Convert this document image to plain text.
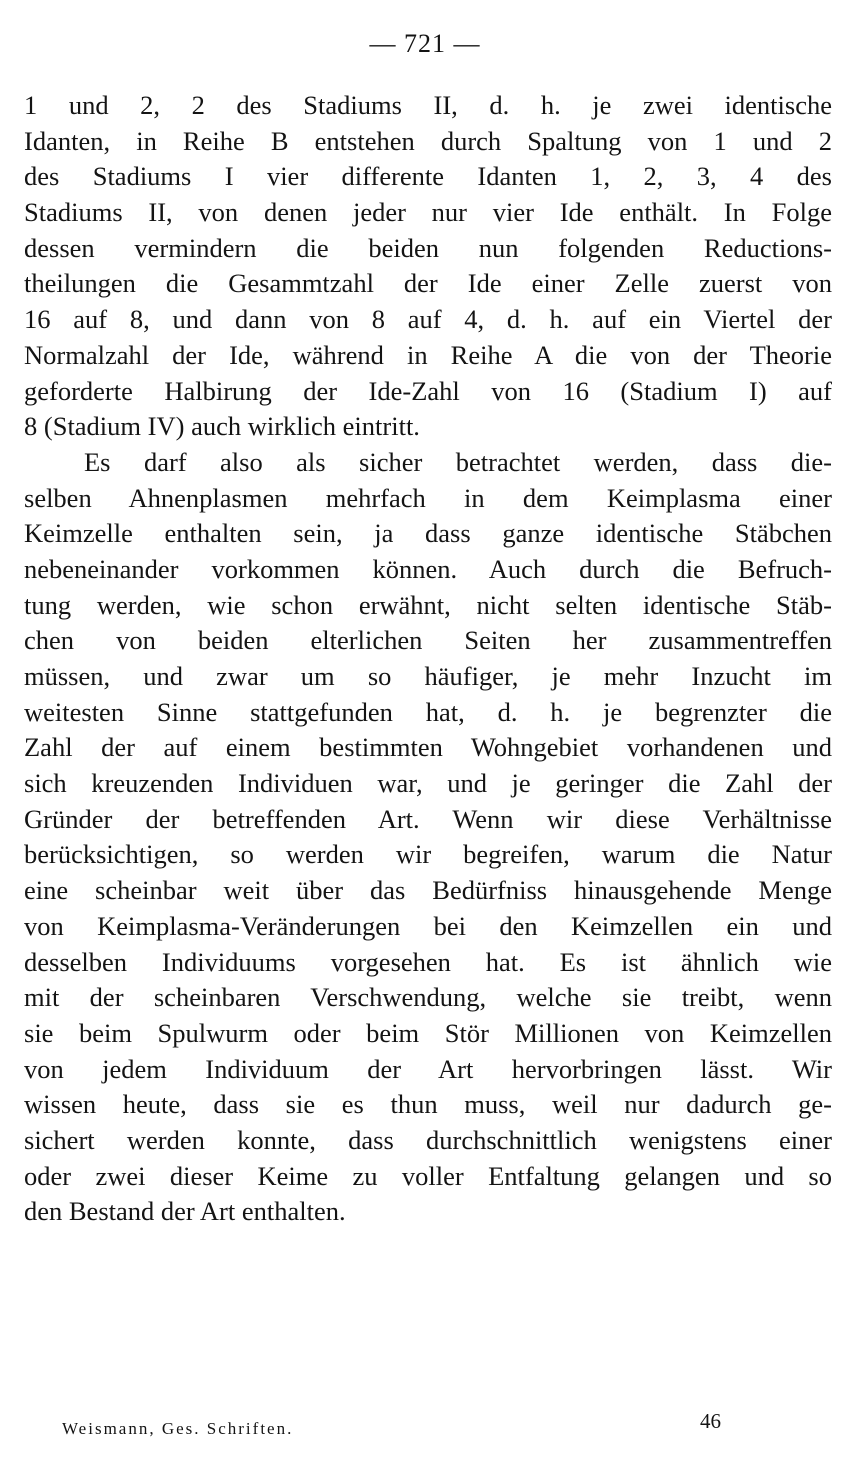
— 721 —
1 und 2, 2 des Stadiums II, d. h. je zwei identische
Idanten, in Reihe B entstehen durch Spaltung von 1 und 2
des Stadiums I vier differente Idanten 1, 2, 3, 4 des
Stadiums II, von denen jeder nur vier Ide enthält. In Folge
dessen vermindern die beiden nun folgenden Reductions-
theilungen die Gesammtzahl der Ide einer Zelle zuerst von
16 auf 8, und dann von 8 auf 4, d. h. auf ein Viertel der
Normalzahl der Ide, während in Reihe A die von der Theorie
geforderte Halbirung der Ide-Zahl von 16 (Stadium I) auf
8 (Stadium IV) auch wirklich eintritt.
Es darf also als sicher betrachtet werden, dass die-
selben Ahnenplasmen mehrfach in dem Keimplasma einer
Keimzelle enthalten sein, ja dass ganze identische Stäbchen
nebeneinander vorkommen können. Auch durch die Befruch-
tung werden, wie schon erwähnt, nicht selten identische Stäb-
chen von beiden elterlichen Seiten her zusammentreffen
müssen, und zwar um so häufiger, je mehr Inzucht im
weitesten Sinne stattgefunden hat, d. h. je begrenzter die
Zahl der auf einem bestimmten Wohngebiet vorhandenen und
sich kreuzenden Individuen war, und je geringer die Zahl der
Gründer der betreffenden Art. Wenn wir diese Verhältnisse
berücksichtigen, so werden wir begreifen, warum die Natur
eine scheinbar weit über das Bedürfniss hinausgehende Menge
von Keimplasma-Veränderungen bei den Keimzellen ein und
desselben Individuums vorgesehen hat. Es ist ähnlich wie
mit der scheinbaren Verschwendung, welche sie treibt, wenn
sie beim Spulwurm oder beim Stör Millionen von Keimzellen
von jedem Individuum der Art hervorbringen lässt. Wir
wissen heute, dass sie es thun muss, weil nur dadurch ge-
sichert werden konnte, dass durchschnittlich wenigstens einer
oder zwei dieser Keime zu voller Entfaltung gelangen und so
den Bestand der Art enthalten.
Weismann, Ges. Schriften.	46
